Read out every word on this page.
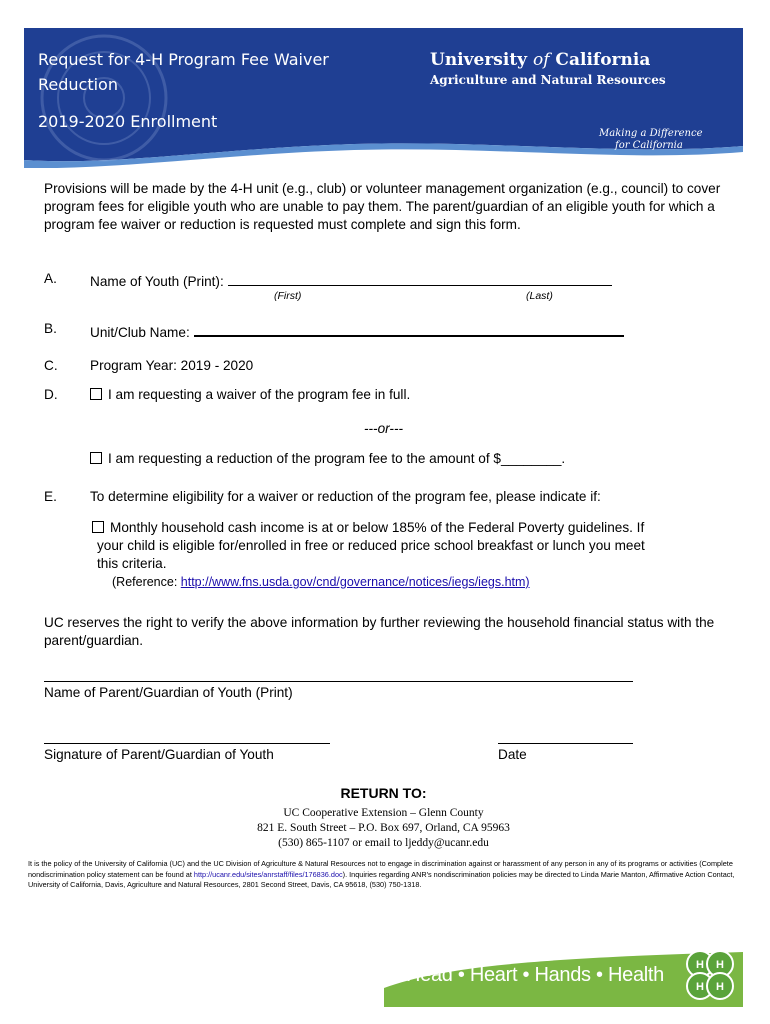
Request for 4-H Program Fee Waiver Reduction
2019-2020 Enrollment
University of California
Agriculture and Natural Resources
Making a Difference
for California
Provisions will be made by the 4-H unit (e.g., club) or volunteer management organization (e.g., council) to cover program fees for eligible youth who are unable to pay them. The parent/guardian of an eligible youth for which a program fee waiver or reduction is requested must complete and sign this form.
A. Name of Youth (Print):
(First)	(Last)
B. Unit/Club Name:
C. Program Year: 2019 - 2020
D.	I am requesting a waiver of the program fee in full.
---or---
I am requesting a reduction of the program fee to the amount of $________.
E. To determine eligibility for a waiver or reduction of the program fee, please indicate if:
Monthly household cash income is at or below 185% of the Federal Poverty guidelines. If
your child is eligible for/enrolled in free or reduced price school breakfast or lunch you meet
this criteria.
(Reference: http://www.fns.usda.gov/cnd/governance/notices/iegs/iegs.htm)
UC reserves the right to verify the above information by further reviewing the household financial status with the parent/guardian.
Name of Parent/Guardian of Youth (Print)
Signature of Parent/Guardian of Youth	Date
RETURN TO:
UC Cooperative Extension – Glenn County
821 E. South Street – P.O. Box 697, Orland, CA 95963
(530) 865-1107 or email to ljeddy@ucanr.edu
It is the policy of the University of California (UC) and the UC Division of Agriculture & Natural Resources not to engage in discrimination against or harassment of any person in any of its programs or activities (Complete nondiscrimination policy statement can be found at http://ucanr.edu/sites/anrstaff/files/176836.doc). Inquiries regarding ANR's nondiscrimination policies may be directed to Linda Marie Manton, Affirmative Action Contact, University of California, Davis, Agriculture and Natural Resources, 2801 Second Street, Davis, CA 95618, (530) 750-1318.
Head • Heart • Hands • Health	H H
H H
